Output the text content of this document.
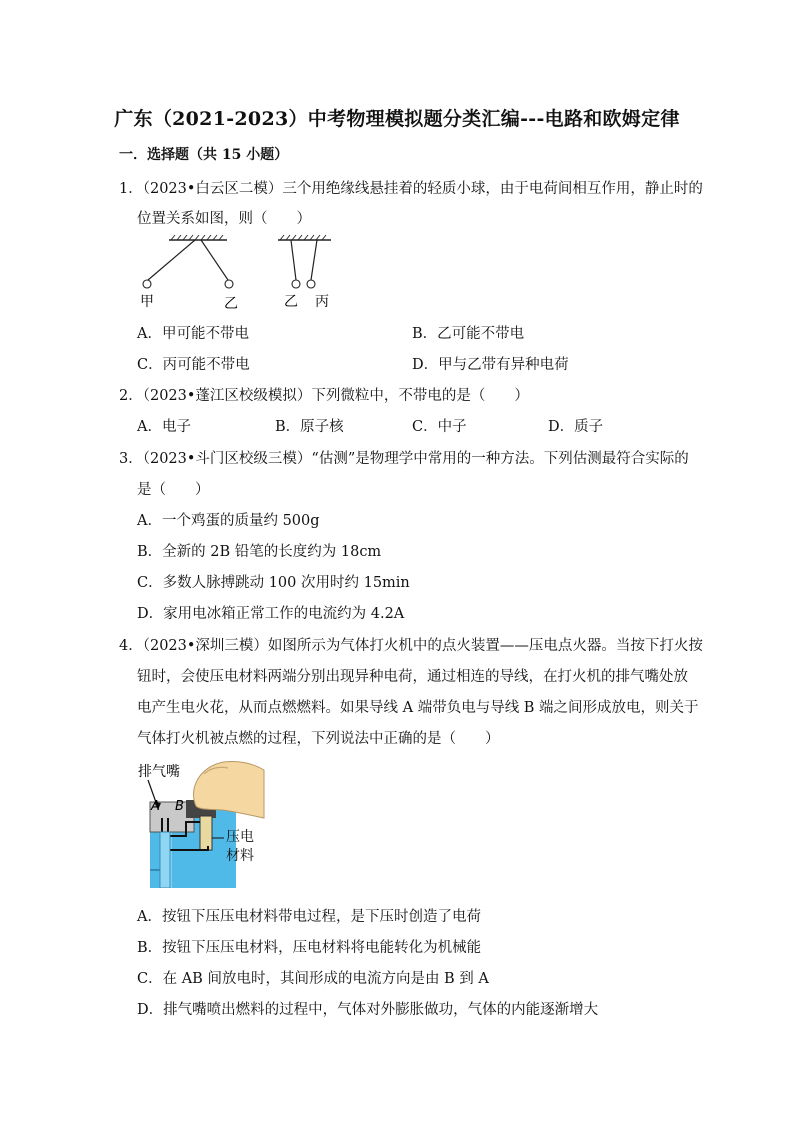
广东（2021-2023）中考物理模拟题分类汇编---电路和欧姆定律
一．选择题（共 15 小题）
1．（2023•白云区二模）三个用绝缘线悬挂着的轻质小球，由于电荷间相互作用，静止时的
位置关系如图，则（　　）
甲	乙	乙 丙
A．甲可能不带电	B．乙可能不带电
C．丙可能不带电	D．甲与乙带有异种电荷
2．（2023•蓬江区校级模拟）下列微粒中，不带电的是（　　）
A．电子	B．原子核	C．中子	D．质子
3．（2023•斗门区校级三模）“估测”是物理学中常用的一种方法。下列估测最符合实际的
是（　　）
A．一个鸡蛋的质量约 500g
B．全新的 2B 铅笔的长度约为 18cm
C．多数人脉搏跳动 100 次用时约 15min
D．家用电冰箱正常工作的电流约为 4.2A
4．（2023•深圳三模）如图所示为气体打火机中的点火装置——压电点火器。当按下打火按
钮时，会使压电材料两端分别出现异种电荷，通过相连的导线，在打火机的排气嘴处放
电产生电火花，从而点燃燃料。如果导线 A 端带负电与导线 B 端之间形成放电，则关于
气体打火机被点燃的过程，下列说法中正确的是（　　）
排气嘴
A B
压电
材料
A．按钮下压压电材料带电过程，是下压时创造了电荷
B．按钮下压压电材料，压电材料将电能转化为机械能
C．在 AB 间放电时，其间形成的电流方向是由 B 到 A
D．排气嘴喷出燃料的过程中，气体对外膨胀做功，气体的内能逐渐增大
